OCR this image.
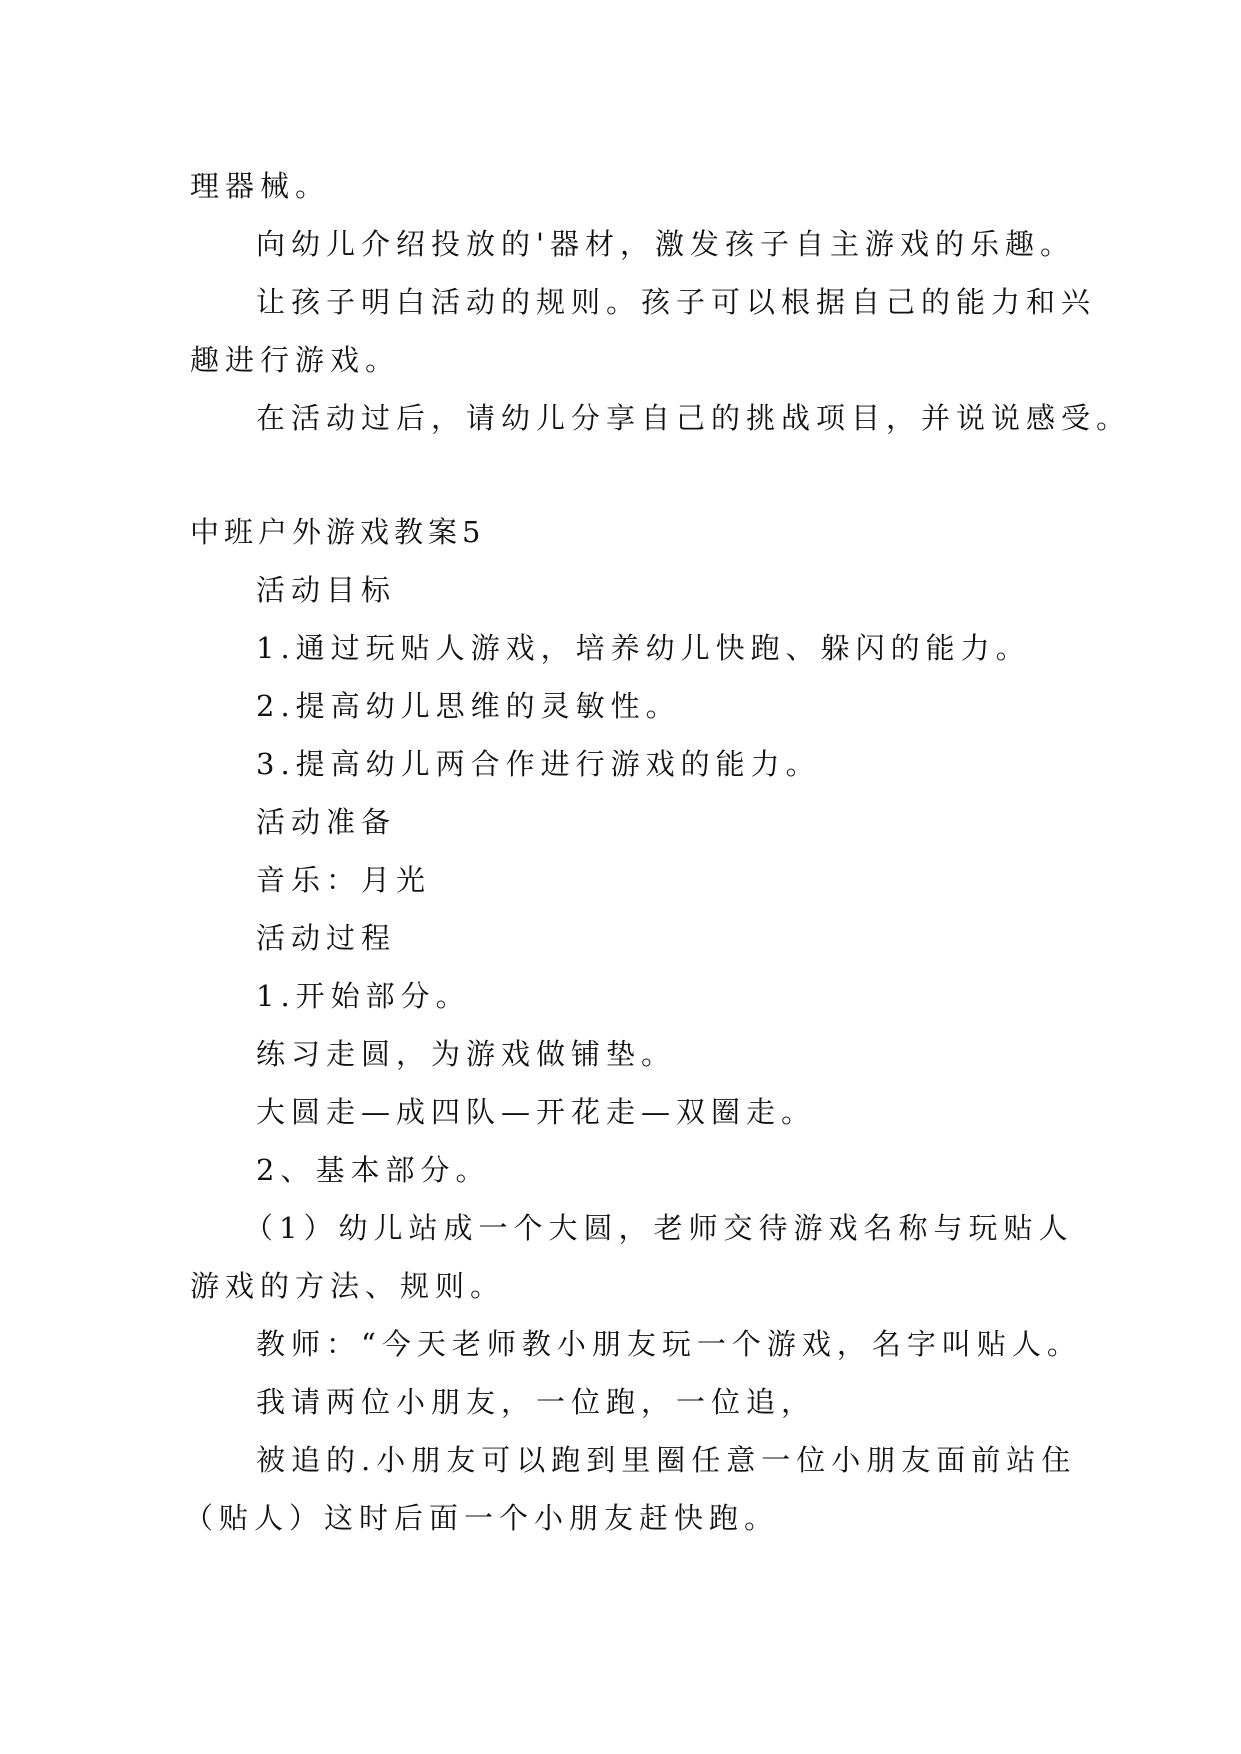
理器械。
向幼儿介绍投放的'器材，激发孩子自主游戏的乐趣。
让孩子明白活动的规则。孩子可以根据自己的能力和兴
趣进行游戏。
在活动过后，请幼儿分享自己的挑战项目，并说说感受。
中班户外游戏教案5
活动目标
1.通过玩贴人游戏，培养幼儿快跑、躲闪的能力。
2.提高幼儿思维的灵敏性。
3.提高幼儿两合作进行游戏的能力。
活动准备
音乐：月光
活动过程
1.开始部分。
练习走圆，为游戏做铺垫。
大圆走—成四队—开花走—双圈走。
2、基本部分。
（1）幼儿站成一个大圆，老师交待游戏名称与玩贴人
游戏的方法、规则。
教师：“今天老师教小朋友玩一个游戏，名字叫贴人。
我请两位小朋友，一位跑，一位追，
被追的.小朋友可以跑到里圈任意一位小朋友面前站住
（贴人）这时后面一个小朋友赶快跑。
